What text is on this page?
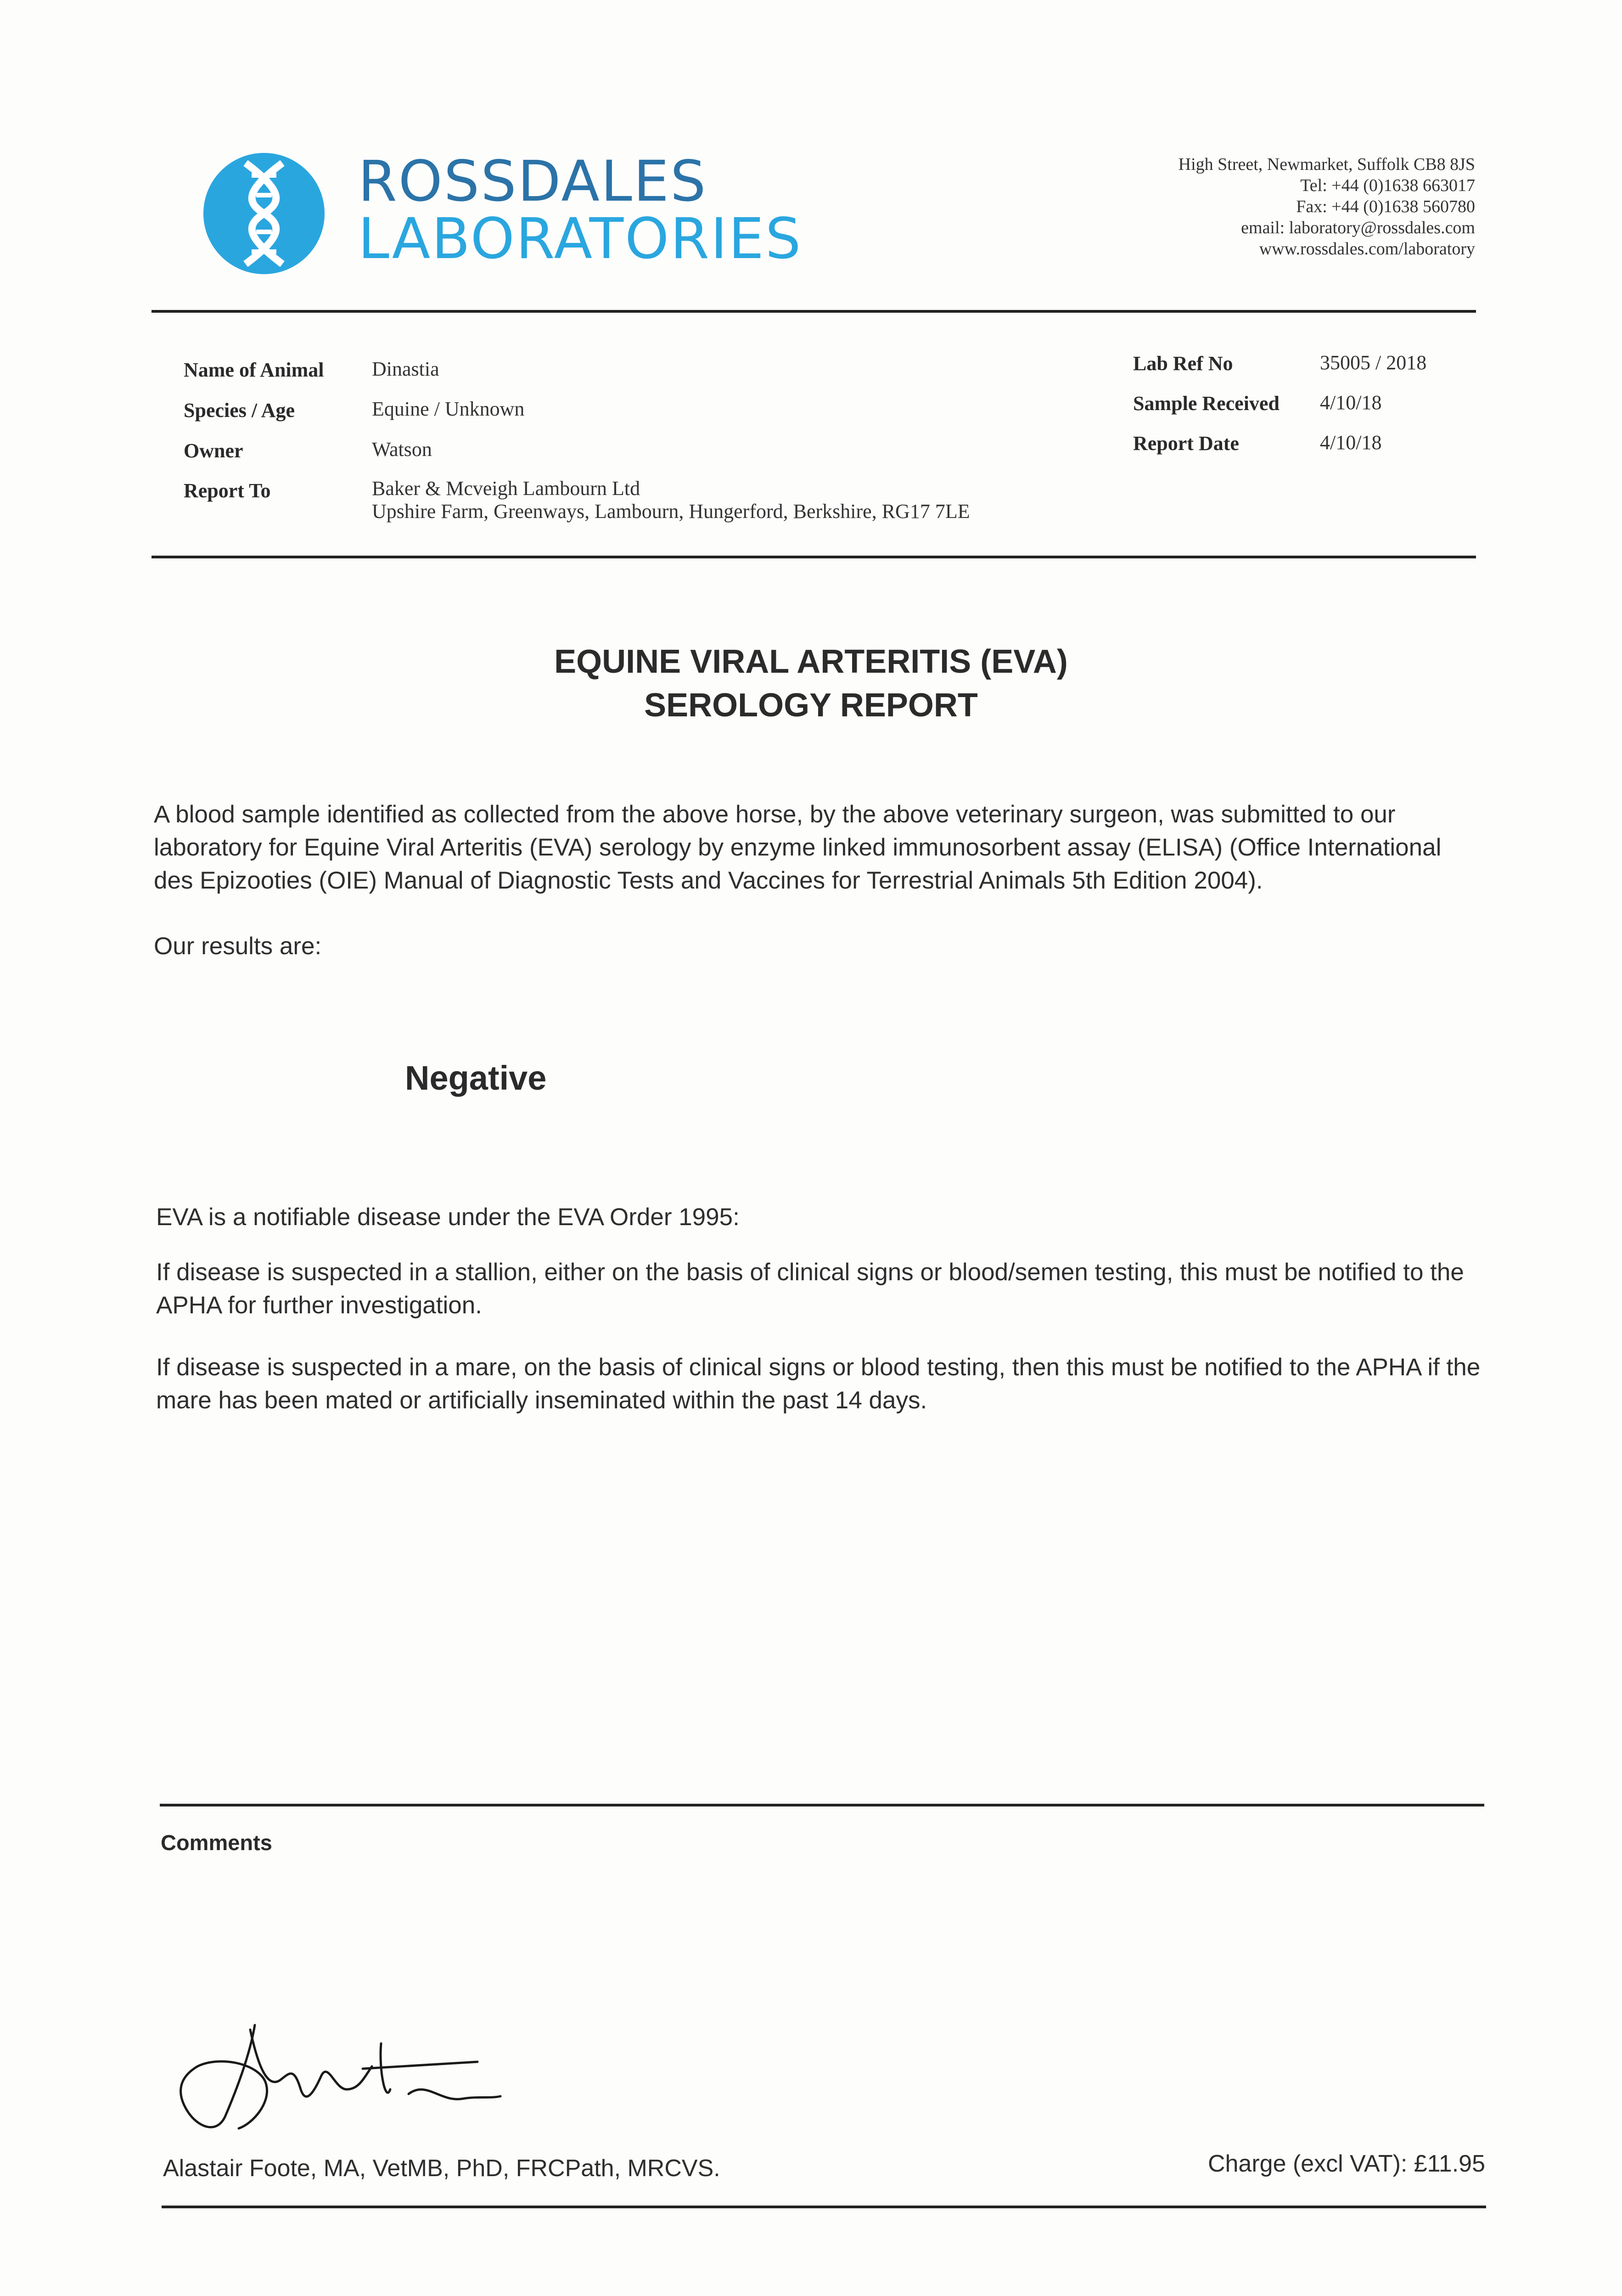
ROSSDALES
LABORATORIES
High Street, Newmarket, Suffolk CB8 8JS
Tel: +44 (0)1638 663017
Fax: +44 (0)1638 560780
email: laboratory@rossdales.com
www.rossdales.com/laboratory
Name of Animal Dinastia
Species / Age	Equine / Unknown
Owner	Watson
Report To	Baker & Mcveigh Lambourn Ltd
Upshire Farm, Greenways, Lambourn, Hungerford, Berkshire, RG17 7LE
Lab Ref No	35005 / 2018
Sample Received 4/10/18
Report Date	4/10/18
EQUINE VIRAL ARTERITIS (EVA)
SEROLOGY REPORT
A blood sample identified as collected from the above horse, by the above veterinary surgeon, was submitted to our laboratory for Equine Viral Arteritis (EVA) serology by enzyme linked immunosorbent assay (ELISA) (Office International des Epizooties (OIE) Manual of Diagnostic Tests and Vaccines for Terrestrial Animals 5th Edition 2004).
Our results are:
Negative
EVA is a notifiable disease under the EVA Order 1995:
If disease is suspected in a stallion, either on the basis of clinical signs or blood/semen testing, this must be notified to the APHA for further investigation.
If disease is suspected in a mare, on the basis of clinical signs or blood testing, then this must be notified to the APHA if the mare has been mated or artificially inseminated within the past 14 days.
Comments
Alastair Foote, MA, VetMB, PhD, FRCPath, MRCVS.	Charge (excl VAT): £11.95
